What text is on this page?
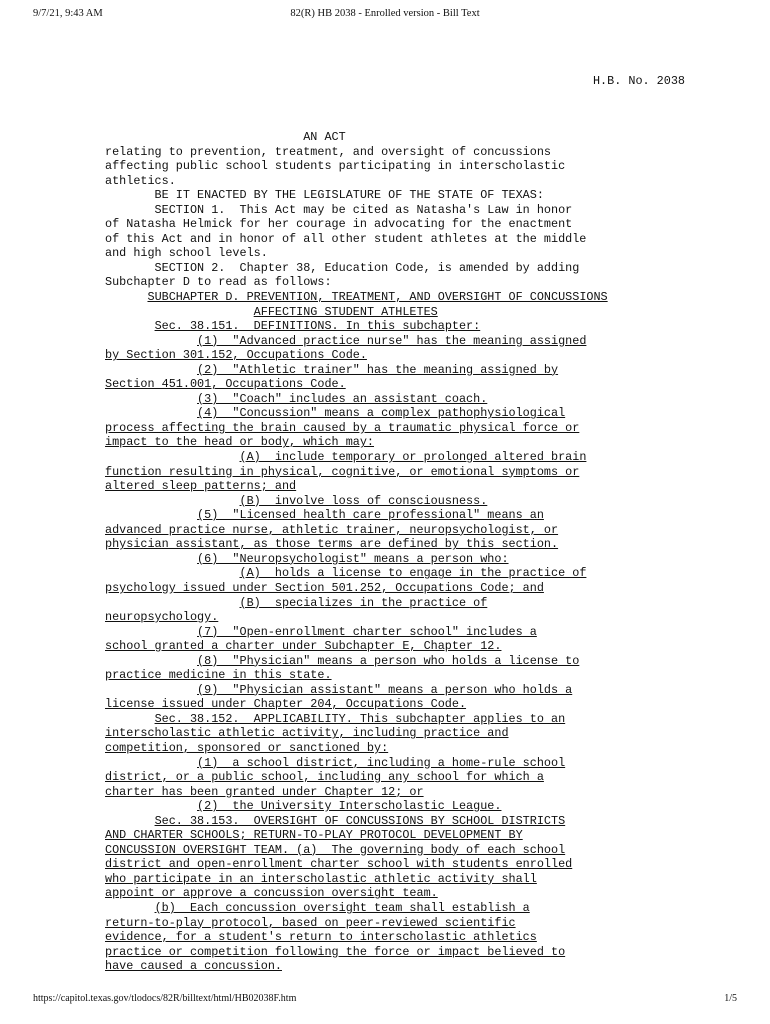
9/7/21, 9:43 AM	82(R) HB 2038 - Enrolled version - Bill Text
H.B. No. 2038
AN ACT
relating to prevention, treatment, and oversight of concussions
affecting public school students participating in interscholastic
athletics.
BE IT ENACTED BY THE LEGISLATURE OF THE STATE OF TEXAS:
SECTION 1.  This Act may be cited as Natasha's Law in honor
of Natasha Helmick for her courage in advocating for the enactment
of this Act and in honor of all other student athletes at the middle
and high school levels.
SECTION 2.  Chapter 38, Education Code, is amended by adding
Subchapter D to read as follows:
SUBCHAPTER D. PREVENTION, TREATMENT, AND OVERSIGHT OF CONCUSSIONS
AFFECTING STUDENT ATHLETES
Sec. 38.151.  DEFINITIONS. In this subchapter:
(1)  "Advanced practice nurse" has the meaning assigned
by Section 301.152, Occupations Code.
(2)  "Athletic trainer" has the meaning assigned by
Section 451.001, Occupations Code.
(3)  "Coach" includes an assistant coach.
(4)  "Concussion" means a complex pathophysiological
process affecting the brain caused by a traumatic physical force or
impact to the head or body, which may:
(A)  include temporary or prolonged altered brain
function resulting in physical, cognitive, or emotional symptoms or
altered sleep patterns; and
(B)  involve loss of consciousness.
(5)  "Licensed health care professional" means an
advanced practice nurse, athletic trainer, neuropsychologist, or
physician assistant, as those terms are defined by this section.
(6)  "Neuropsychologist" means a person who:
(A)  holds a license to engage in the practice of
psychology issued under Section 501.252, Occupations Code; and
(B)  specializes in the practice of
neuropsychology.
(7)  "Open-enrollment charter school" includes a
school granted a charter under Subchapter E, Chapter 12.
(8)  "Physician" means a person who holds a license to
practice medicine in this state.
(9)  "Physician assistant" means a person who holds a
license issued under Chapter 204, Occupations Code.
Sec. 38.152.  APPLICABILITY. This subchapter applies to an
interscholastic athletic activity, including practice and
competition, sponsored or sanctioned by:
(1)  a school district, including a home-rule school
district, or a public school, including any school for which a
charter has been granted under Chapter 12; or
(2)  the University Interscholastic League.
Sec. 38.153.  OVERSIGHT OF CONCUSSIONS BY SCHOOL DISTRICTS
AND CHARTER SCHOOLS; RETURN-TO-PLAY PROTOCOL DEVELOPMENT BY
CONCUSSION OVERSIGHT TEAM. (a)  The governing body of each school
district and open-enrollment charter school with students enrolled
who participate in an interscholastic athletic activity shall
appoint or approve a concussion oversight team.
(b)  Each concussion oversight team shall establish a
return-to-play protocol, based on peer-reviewed scientific
evidence, for a student's return to interscholastic athletics
practice or competition following the force or impact believed to
have caused a concussion.
https://capitol.texas.gov/tlodocs/82R/billtext/html/HB02038F.htm	1/5
